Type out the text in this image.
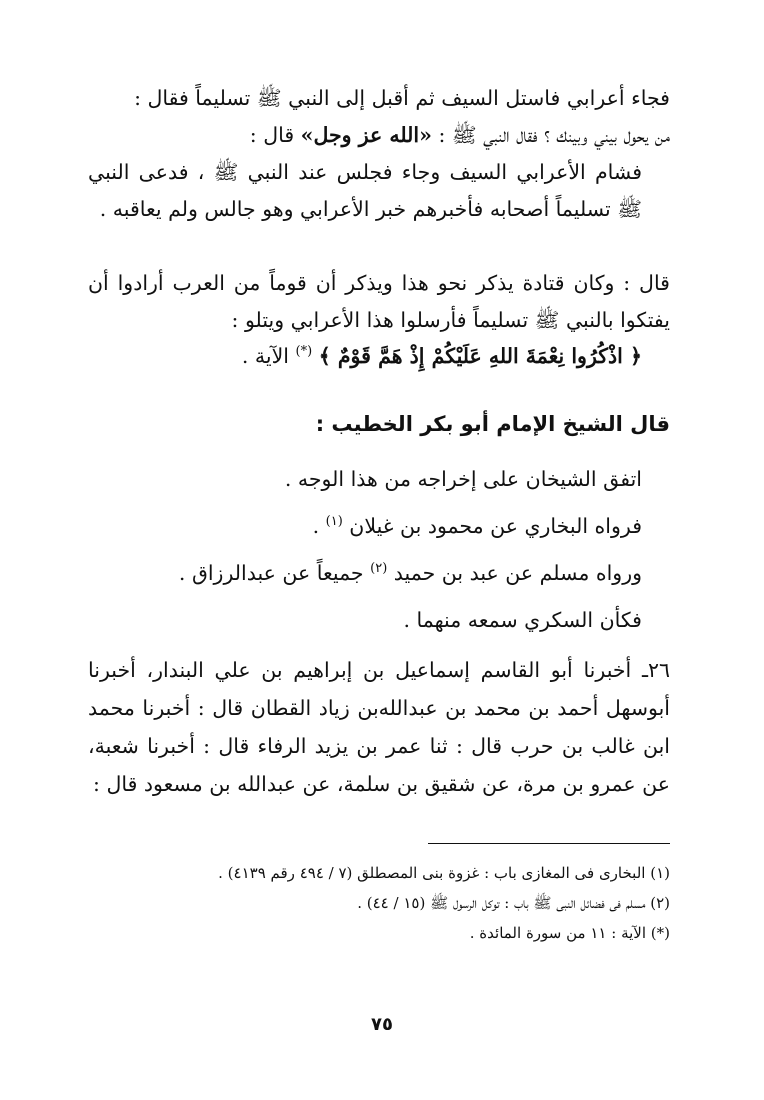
فجاء أعرابي فاستل السيف ثم أقبل إلى النبي ﷺ تسليماً فقال :

من يحول بيني وبينك ؟ فقال النبي ﷺ : «الله عز وجل» قال :

فشام الأعرابي السيف وجاء فجلس عند النبي ﷺ ، فدعى النبي ﷺ تسليماً أصحابه فأخبرهم خبر الأعرابي وهو جالس ولم يعاقبه .

قال : وكان قتادة يذكر نحو هذا ويذكر أن قوماً من العرب أرادوا أن يفتكوا بالنبي ﷺ تسليماً فأرسلوا هذا الأعرابي ويتلو :

﴿ اذْكُرُوا نِعْمَةَ اللهِ عَلَيْكُمْ إِذْ هَمَّ قَوْمٌ ﴾ (*) الآية .

قال الشيخ الإمام أبو بكر الخطيب :

اتفق الشيخان على إخراجه من هذا الوجه .

فرواه البخاري عن محمود بن غيلان $^{(١)}$ .

ورواه مسلم عن عبد بن حميد $^{(٢)}$ جميعاً عن عبدالرزاق .

فكأن السكري سمعه منهما .

٢٦ـ أخبرنا أبو القاسم إسماعيل بن إبراهيم بن علي البندار، أخبرنا أبوسهل أحمد بن محمد بن عبدالله‌بن زياد القطان قال : أخبرنا محمد ابن غالب بن حرب قال : ثنا عمر بن يزيد الرفاء قال : أخبرنا شعبة، عن عمرو بن مرة، عن شقيق بن سلمة، عن عبدالله بن مسعود قال :

(١) البخارى فى المغازى باب : غزوة بنى المصطلق (٧ / ٤٩٤ رقم ٤١٣٩) .

(٢) مسلم فى فضائل النبى ﷺ باب : توكل الرسول ﷺ (١٥ / ٤٤) .

(*) الآية : ١١ من سورة المائدة .

٧٥
